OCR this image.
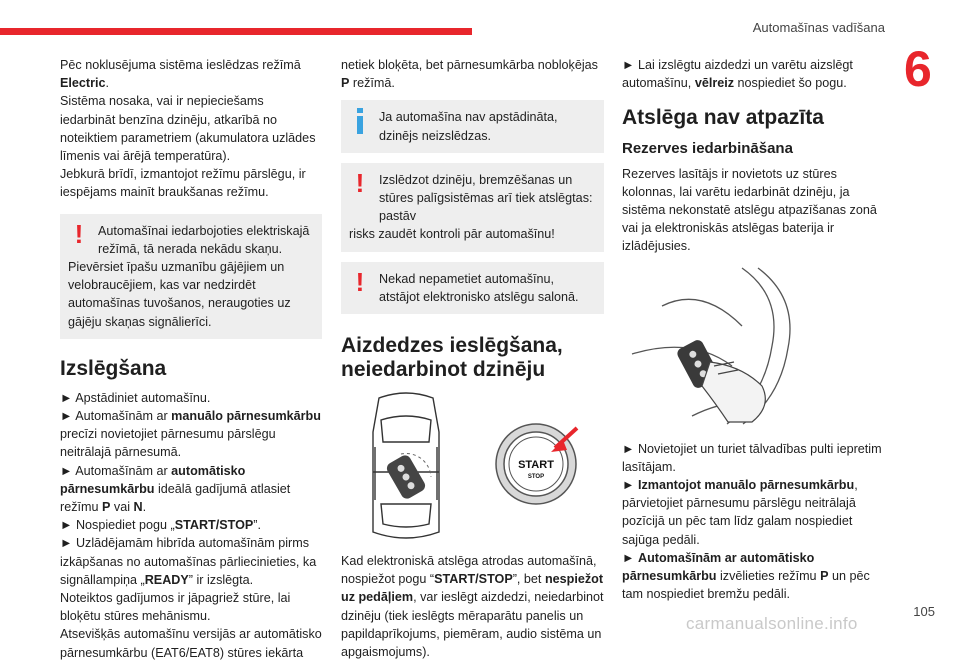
Automašīnas vadīšana
6

Pēc noklusējuma sistēma ieslēdzas režīmā Electric.

Sistēma nosaka, vai ir nepieciešams iedarbināt benzīna dzinēju, atkarībā no noteiktiem parametriem (akumulatora uzlādes līmenis vai ārējā temperatūra).

Jebkurā brīdī, izmantojot režīmu pārslēgu, ir iespējams mainīt braukšanas režīmu.

! Automašīnai iedarbojoties elektriskajā režīmā, tā nerada nekādu skaņu.

Pievērsiet īpašu uzmanību gājējiem un velobraucējiem, kas var nedzirdēt automašīnas tuvošanos, neraugoties uz gājēju skaņas signālierīci.

Izslēgšana

► Apstādiniet automašīnu.

► Automašīnām ar manuālo pārnesumkārbu precīzi novietojiet pārnesumu pārslēgu neitrālajā pārnesumā.

► Automašīnām ar automātisko pārnesumkārbu ideālā gadījumā atlasiet režīmu P vai N.

► Nospiediet pogu „START/STOP”.

► Uzlādējamām hibrīda automašīnām pirms izkāpšanas no automašīnas pārliecinieties, ka signāllampiņa „READY” ir izslēgta.

Noteiktos gadījumos ir jāpagriež stūre, lai bloķētu stūres mehānismu.

Atsevišķās automašīnu versijās ar automātisko pārnesumkārbu (EAT6/EAT8) stūres iekārta

netiek bloķēta, bet pārnesumkārba nobloķējas P režīmā.

Ja automašīna nav apstādināta, dzinējs neizslēdzas.

! Izslēdzot dzinēju, bremzēšanas un stūres palīgsistēmas arī tiek atslēgtas: pastāv

risks zaudēt kontroli pār automašīnu!

! Nekad nepametiet automašīnu, atstājot elektronisko atslēgu salonā.

Aizdedzes ieslēgšana, neiedarbinot dzinēju
START
STOP

Kad elektroniskā atslēga atrodas automašīnā, nospiežot pogu “START/STOP”, bet nespiežot uz pedāļiem, var ieslēgt aizdedzi, neiedarbinot dzinēju (tiek ieslēgts mēraparātu panelis un papildaprīkojums, piemēram, audio sistēma un apgaismojums).

► Lai izslēgtu aizdedzi un varētu aizslēgt automašīnu, vēlreiz nospiediet šo pogu.

Atslēga nav atpazīta
Rezerves iedarbināšana

Rezerves lasītājs ir novietots uz stūres kolonnas, lai varētu iedarbināt dzinēju, ja sistēma nekonstatē atslēgu atpazīšanas zonā vai ja elektroniskās atslēgas baterija ir izlādējusies.

► Novietojiet un turiet tālvadības pulti iepretim lasītājam.

► Izmantojot manuālo pārnesumkārbu, pārvietojiet pārnesumu pārslēgu neitrālajā pozīcijā un pēc tam līdz galam nospiediet sajūga pedāli.

► Automašīnām ar automātisko pārnesumkārbu izvēlieties režīmu P un pēc tam nospiediet bremžu pedāli.

105
carmanualsonline.info
